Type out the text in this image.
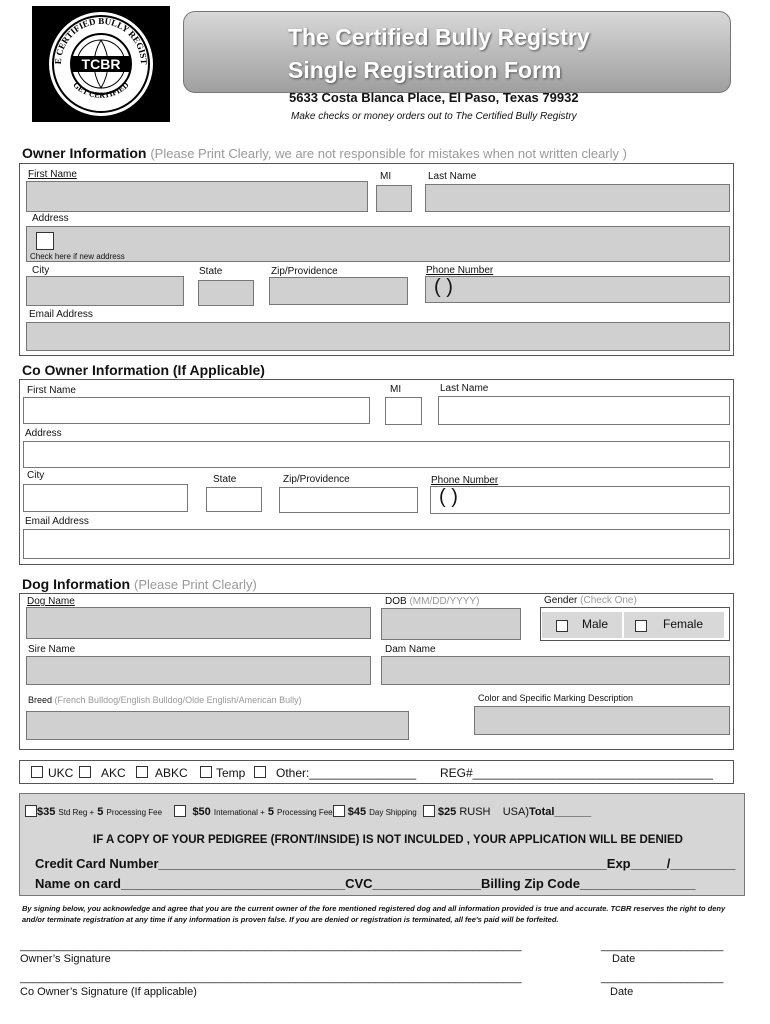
TCBR
E CERTIFIED BULLY REGIST
GET CERTIFIED
The Certified Bully Registry
Single Registration Form
5633 Costa Blanca Place, El Paso, Texas 79932
Make checks or money orders out to The Certified Bully Registry
Owner Information (Please Print Clearly, we are not responsible for mistakes when not written clearly )
First Name	MI	Last Name
Address
Check here if new address
City	State	Zip/Providence	Phone Number
( )
Email Address
Co Owner Information (If Applicable)
First Name	MI	Last Name
Address
City	State	Zip/Providence	Phone Number
( )
Email Address
Dog Information (Please Print Clearly)
Dog Name	DOB (MM/DD/YYYY)	Gender (Check One)
Male	Female
Sire Name	Dam Name
Breed (French Bulldog/English Bulldog/Olde English/American Bully)	Color and Specific Marking Description
UKC AKC ABKC Temp	Other:________________ REG#____________________________________
$35 Std Reg + 5 Processing Fee	$50 International + 5 Processing Fee $45 Day Shipping $25 RUSH USA)Total______
IF A COPY OF YOUR PEDIGREE (FRONT/INSIDE) IS NOT INCULDED , YOUR APPLICATION WILL BE DENIED
Credit Card Number______________________________________________________________Exp_____/_________
Name on card_______________________________CVC_______________Billing Zip Code________________
By signing below, you acknowledge and agree that you are the current owner of the fore mentioned registered dog and all information provided is true and accurate. TCBR reserves the right to deny and/or terminate registration at any time if any information is proven false. If you are denied or registration is terminated, all fee's paid will be forfeited.
__________________________________________________________________________________	____________________
Owner’s Signature	Date
__________________________________________________________________________________	____________________
Co Owner’s Signature (If applicable)	Date
